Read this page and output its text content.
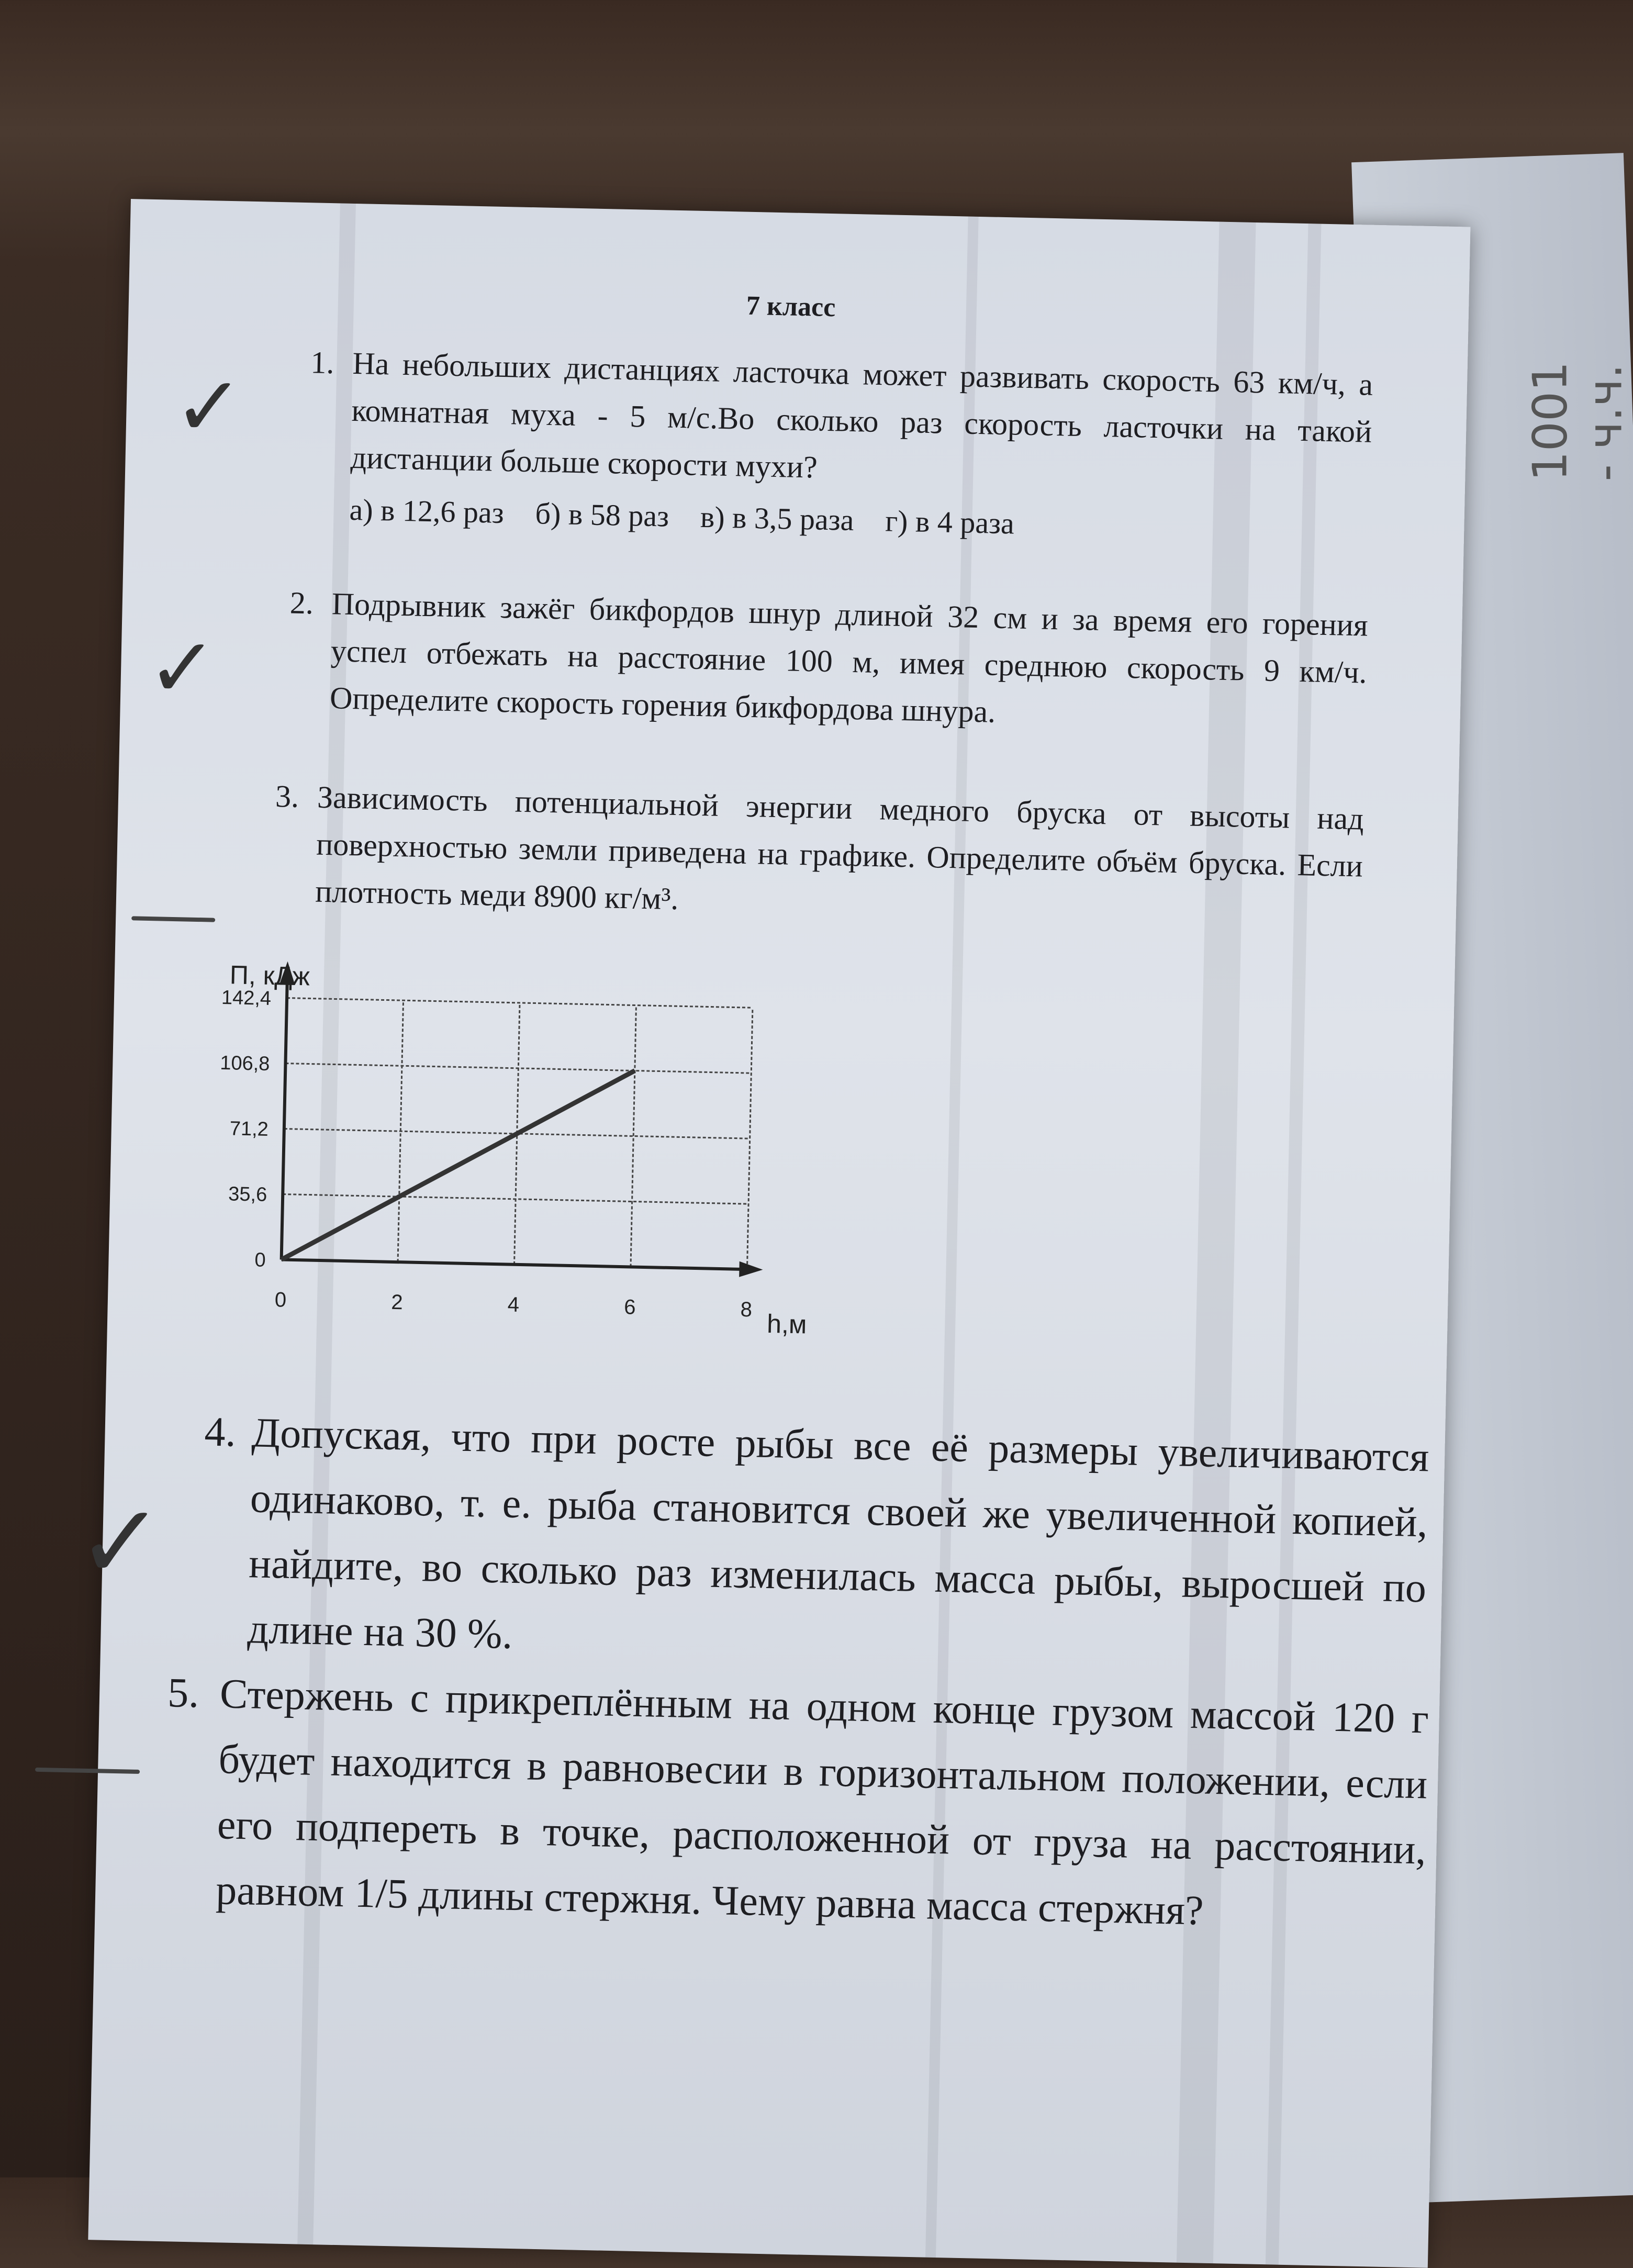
7 класс
1. На небольших дистанциях ласточка может развивать скорость 63 км/ч, а комнатная муха - 5 м/с.Во сколько раз скорость ласточки на такой дистанции больше скорости мухи?
а) в 12,6 раз б) в 58 раз в) в 3,5 раза г) в 4 раза
2. Подрывник зажёг бикфордов шнур длиной 32 см и за время его горения успел отбежать на расстояние 100 м, имея среднюю скорость 9 км/ч. Определите скорость горения бикфордова шнура.
3. Зависимость потенциальной энергии медного бруска от высоты над поверхностью земли приведена на графике. Определите объём бруска. Если плотность меди 8900 кг/м³.
П, кДж
h,м
0	2	4	6	8
0
35,6
71,2
106,8
142,4
4. Допуская, что при росте рыбы все её размеры увеличиваются одинаково, т. е. рыба становится своей же увеличенной копией, найдите, во сколько раз изменилась масса рыбы, выросшей по длине на 30 %.
5. Стержень с прикреплённым на одном конце грузом массой 120 г будет находится в равновесии в горизонтальном положении, если его подпереть в точке, расположенной от груза на расстоянии, равном 1/5 длины стержня. Чему равна масса стержня?
✓
✓
✓
1001 - ч.ч.
